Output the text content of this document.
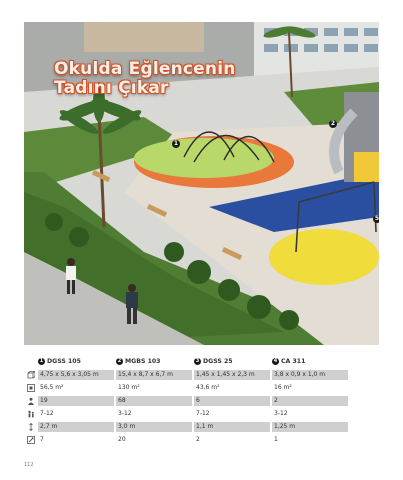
Okulda Eğlencenin
Tadını Çıkar
1
2
5
1 DGSS 105	2 MGBS 103	3 DGSS 25	4 CA 311
4,75 x 5,6 x 3,05 m	15,4 x 8,7 x 6,7 m	1,45 x 1,45 x 2,3 m	3,8 x 0,9 x 1,0 m
56,5 m²	130 m²	43,6 m²	16 m²
19	68	6	2
7-12	3-12	7-12	3-12
2,7 m	3,0 m	1,1 m	1,25 m
7	20	2	1
112
